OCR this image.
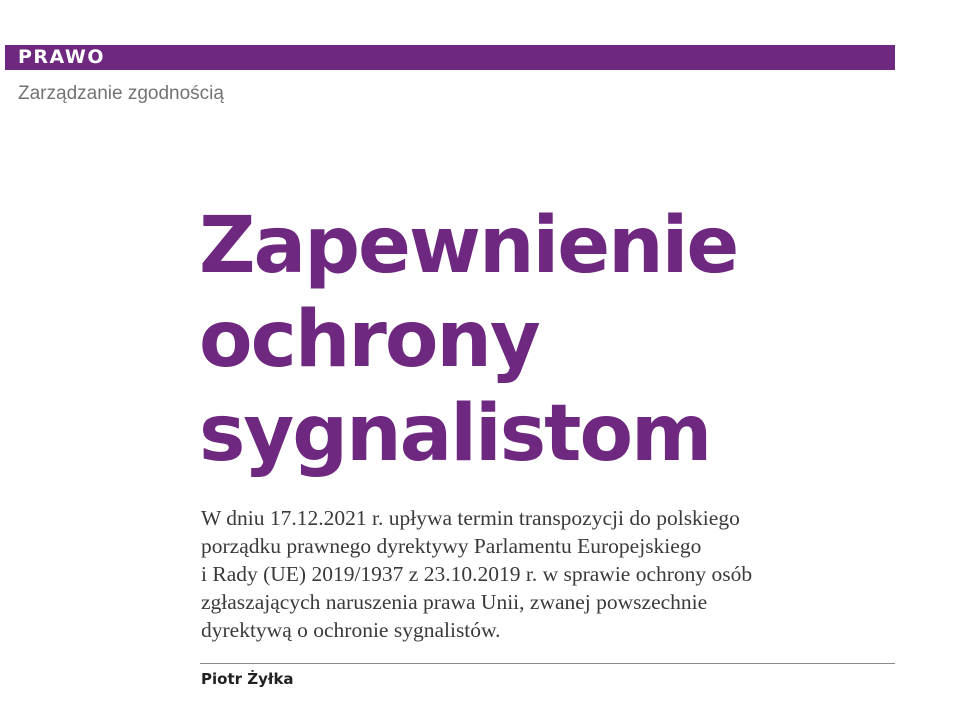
PRAWO
Zarządzanie zgodnością
Zapewnienie
ochrony
sygnalistom

W dniu 17.12.2021 r. upływa termin transpozycji do polskiego
porządku prawnego dyrektywy Parlamentu Europejskiego
i Rady (UE) 2019/1937 z 23.10.2019 r. w sprawie ochrony osób
zgłaszających naruszenia prawa Unii, zwanej powszechnie
dyrektywą o ochronie sygnalistów.

Piotr Żyłka
